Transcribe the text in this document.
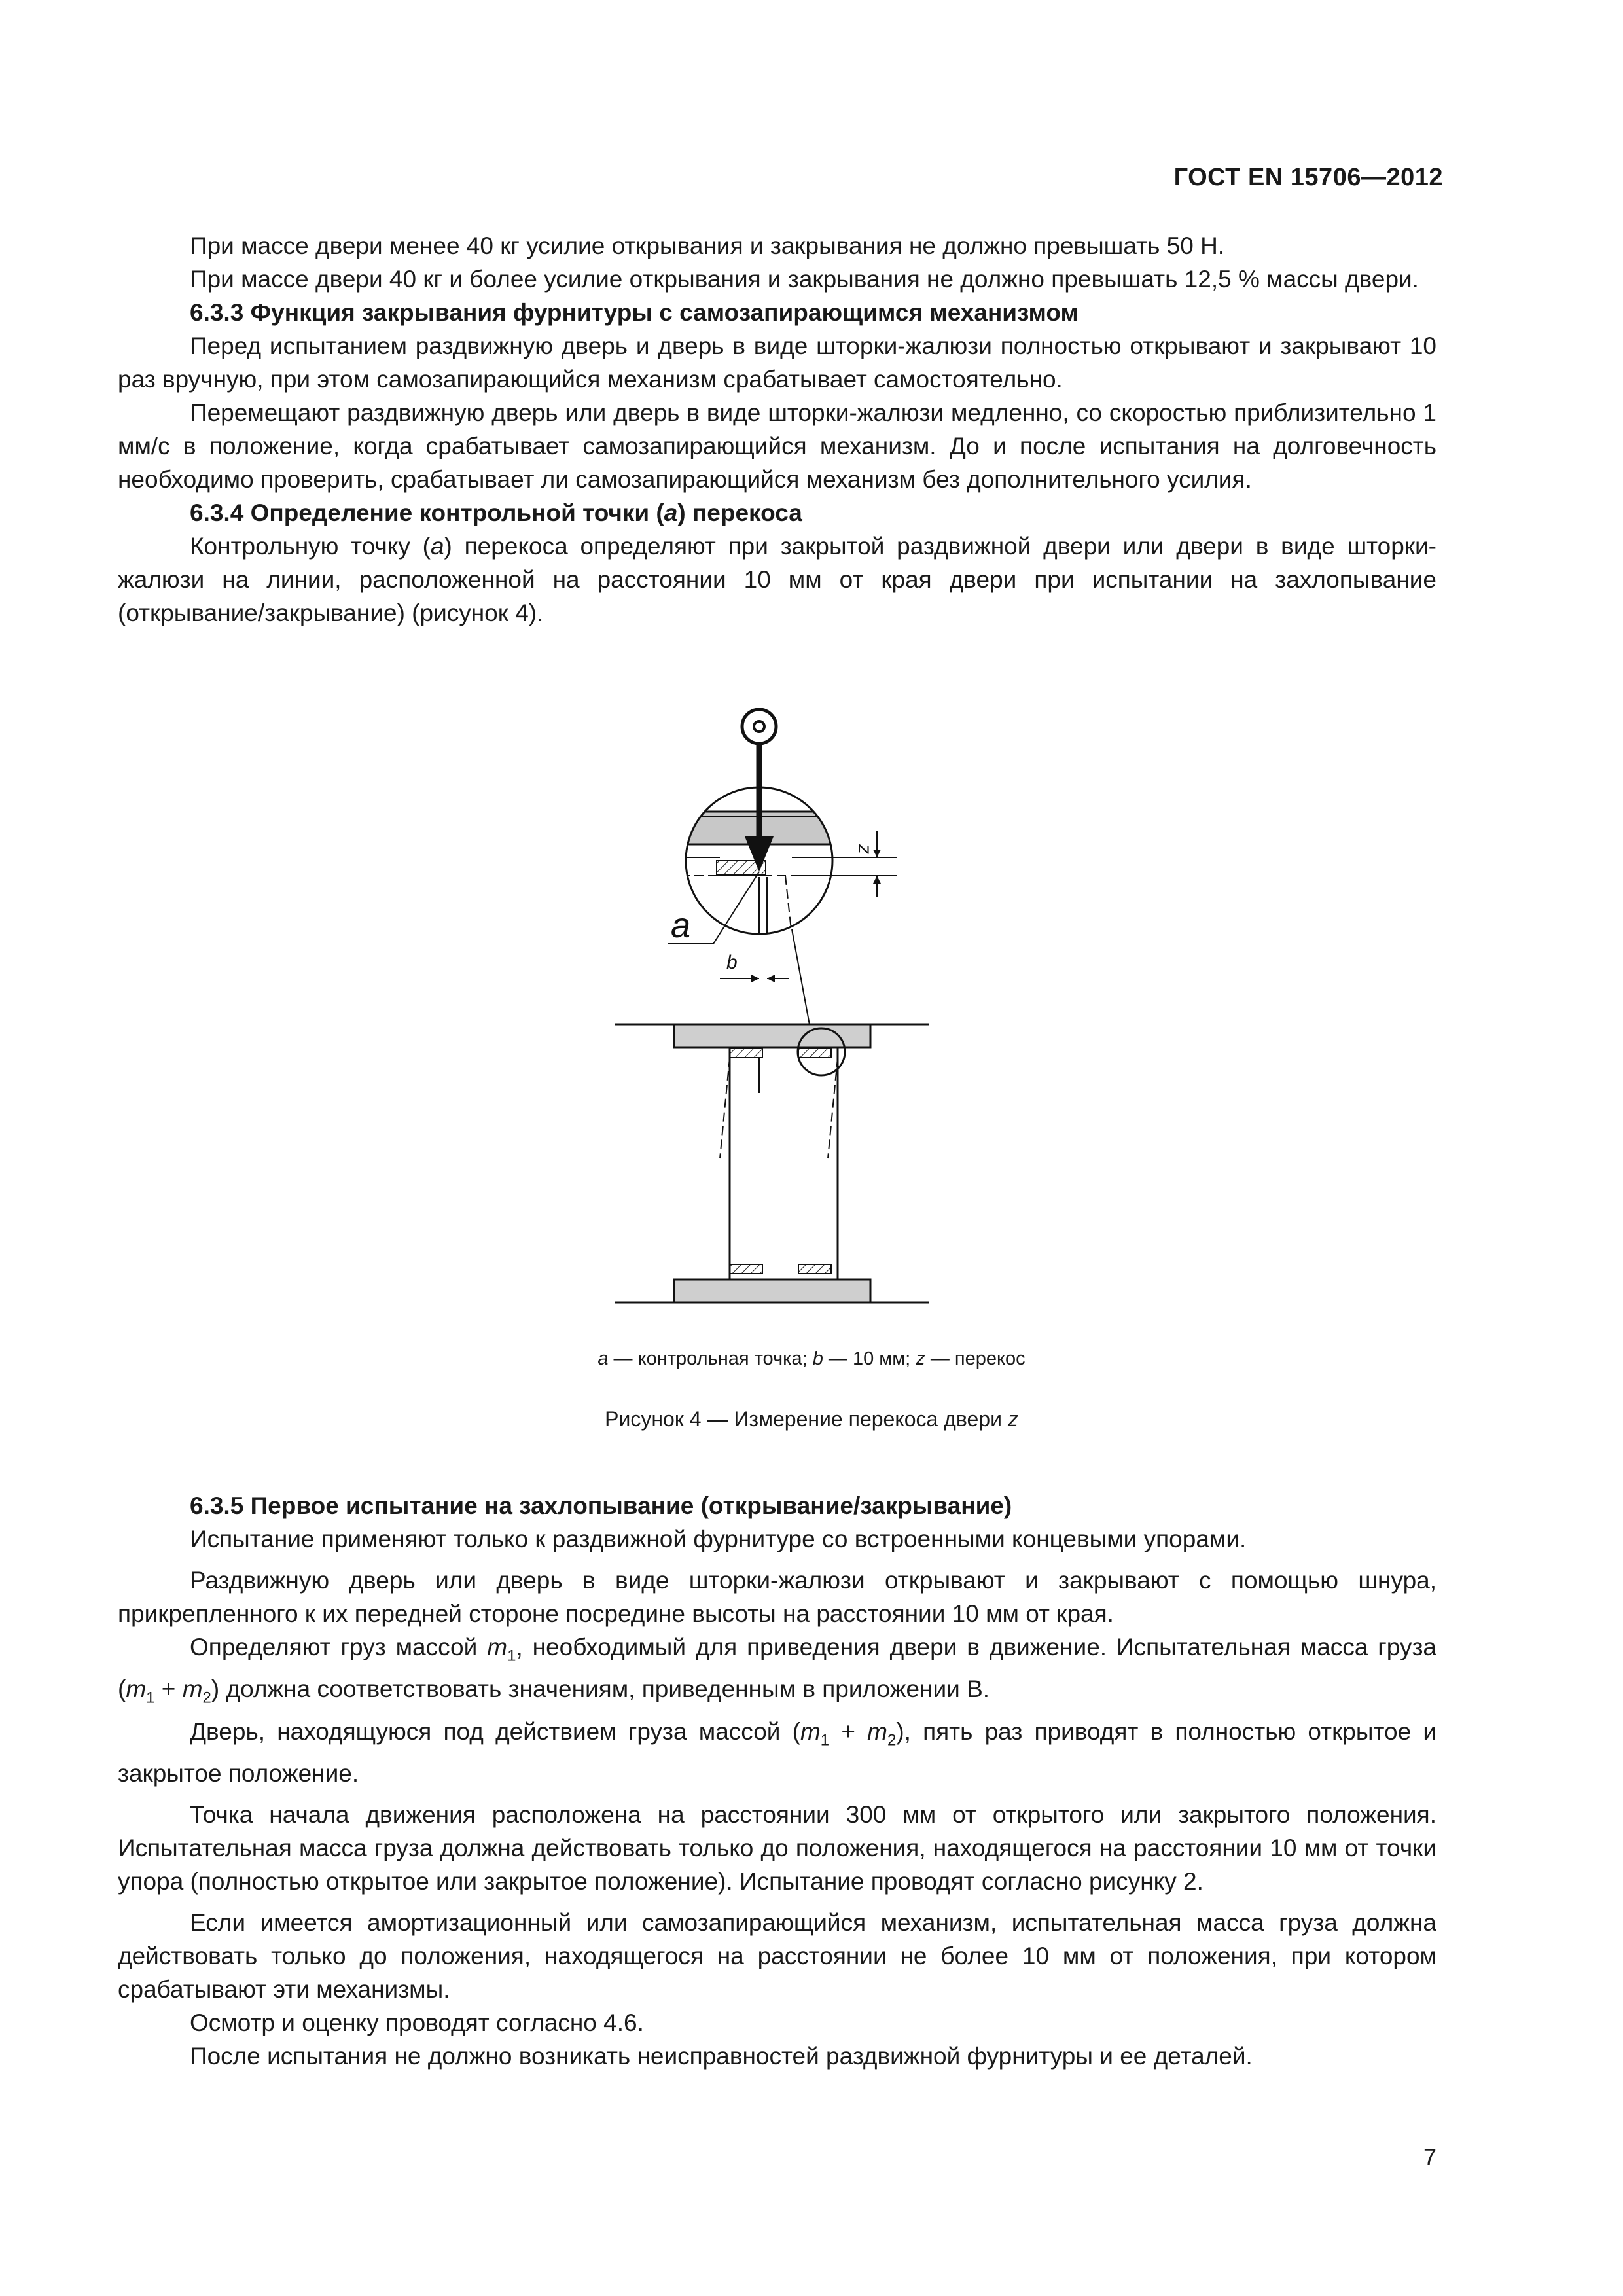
ГОСТ EN 15706—2012

При массе двери менее 40 кг усилие открывания и закрывания не должно превышать 50 Н.

При массе двери 40 кг и более усилие открывания и закрывания не должно превышать 12,5 % массы двери.

6.3.3 Функция закрывания фурнитуры с самозапирающимся механизмом

Перед испытанием раздвижную дверь и дверь в виде шторки-жалюзи полностью открывают и закрывают 10 раз вручную, при этом самозапирающийся механизм срабатывает самостоятельно.

Перемещают раздвижную дверь или дверь в виде шторки-жалюзи медленно, со скоростью приблизительно 1 мм/с в положение, когда срабатывает самозапирающийся механизм. До и после испытания на долговечность необходимо проверить, срабатывает ли самозапирающийся механизм без дополнительного усилия.

6.3.4 Определение контрольной точки (a) перекоса

Контрольную точку (a) перекоса определяют при закрытой раздвижной двери или двери в виде шторки-жалюзи на линии, расположенной на расстоянии 10 мм от края двери при испытании на захлопывание (открывание/закрывание) (рисунок 4).

z
a
b
a — контрольная точка; b — 10 мм; z — перекос
Рисунок 4 — Измерение перекоса двери z
6.3.5 Первое испытание на захлопывание (открывание/закрывание)

Испытание применяют только к раздвижной фурнитуре со встроенными концевыми упорами.

Раздвижную дверь или дверь в виде шторки-жалюзи открывают и закрывают с помощью шнура, прикрепленного к их передней стороне посредине высоты на расстоянии 10 мм от края.

Определяют груз массой $m_1$, необходимый для приведения двери в движение. Испытательная масса груза $(m_1 + m_2)$ должна соответствовать значениям, приведенным в приложении В.

Дверь, находящуюся под действием груза массой $(m_1 + m_2)$, пять раз приводят в полностью открытое и закрытое положение.

Точка начала движения расположена на расстоянии 300 мм от открытого или закрытого положения. Испытательная масса груза должна действовать только до положения, находящегося на расстоянии 10 мм от точки упора (полностью открытое или закрытое положение). Испытание проводят согласно рисунку 2.

Если имеется амортизационный или самозапирающийся механизм, испытательная масса груза должна действовать только до положения, находящегося на расстоянии не более 10 мм от положения, при котором срабатывают эти механизмы.

Осмотр и оценку проводят согласно 4.6.

После испытания не должно возникать неисправностей раздвижной фурнитуры и ее деталей.

7
